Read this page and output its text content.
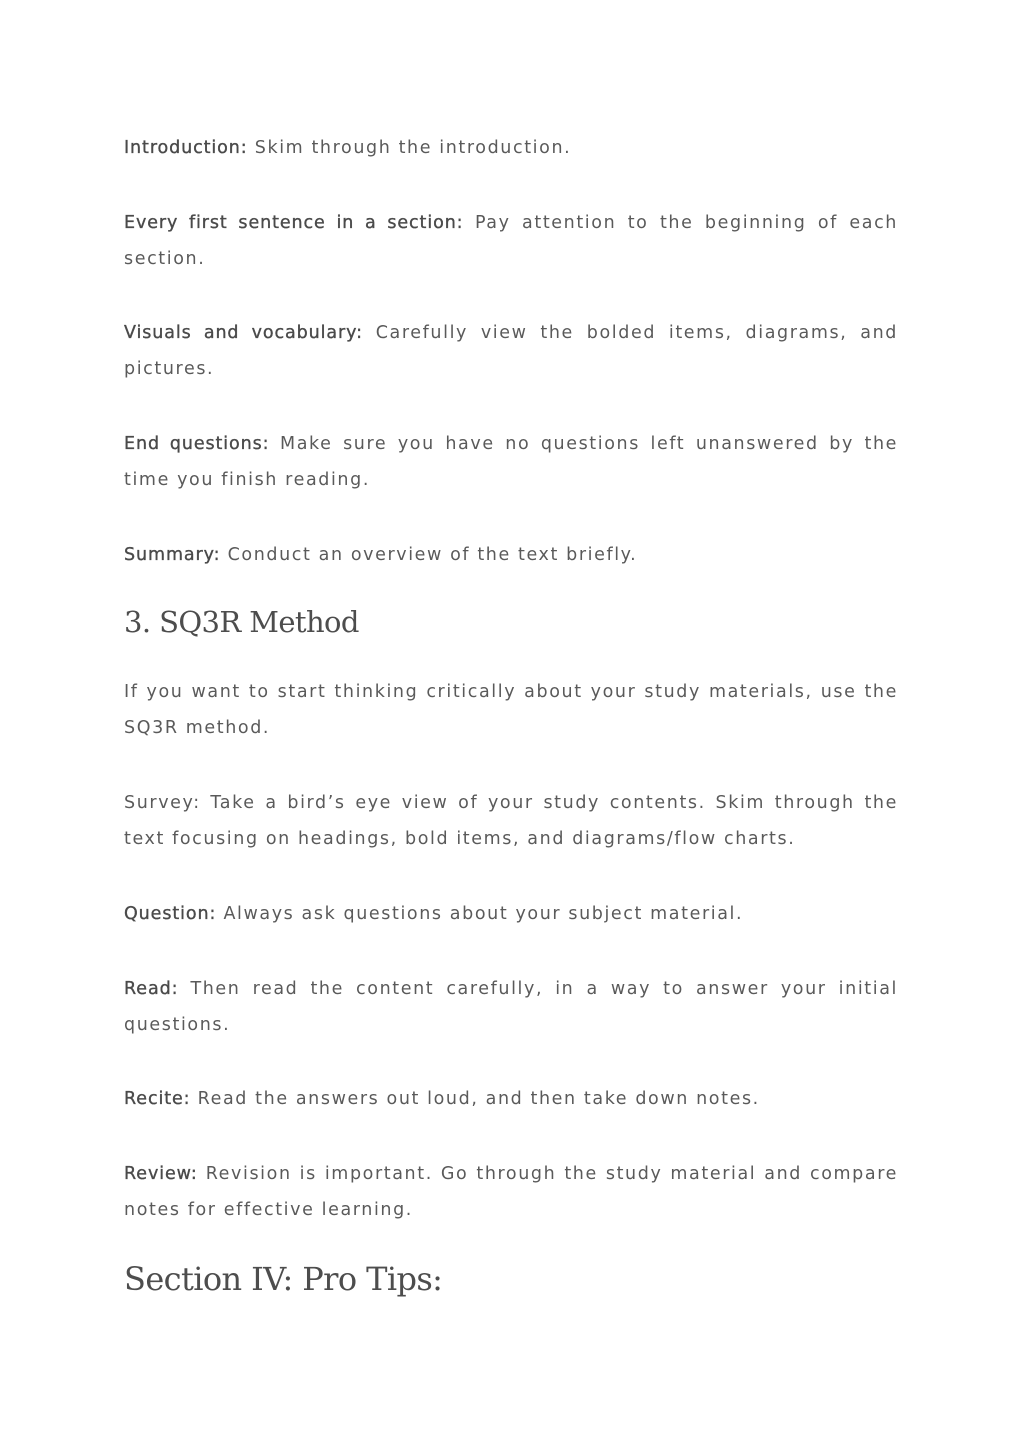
Introduction: Skim through the introduction.

Every first sentence in a section: Pay attention to the beginning of each section.

Visuals and vocabulary: Carefully view the bolded items, diagrams, and pictures.

End questions: Make sure you have no questions left unanswered by the time you finish reading.

Summary: Conduct an overview of the text briefly.

3. SQ3R Method

If you want to start thinking critically about your study materials, use the SQ3R method.

Survey: Take a bird’s eye view of your study contents. Skim through the text focusing on headings, bold items, and diagrams/flow charts.

Question: Always ask questions about your subject material.

Read: Then read the content carefully, in a way to answer your initial questions.

Recite: Read the answers out loud, and then take down notes.

Review: Revision is important. Go through the study material and compare notes for effective learning.

Section IV: Pro Tips:
